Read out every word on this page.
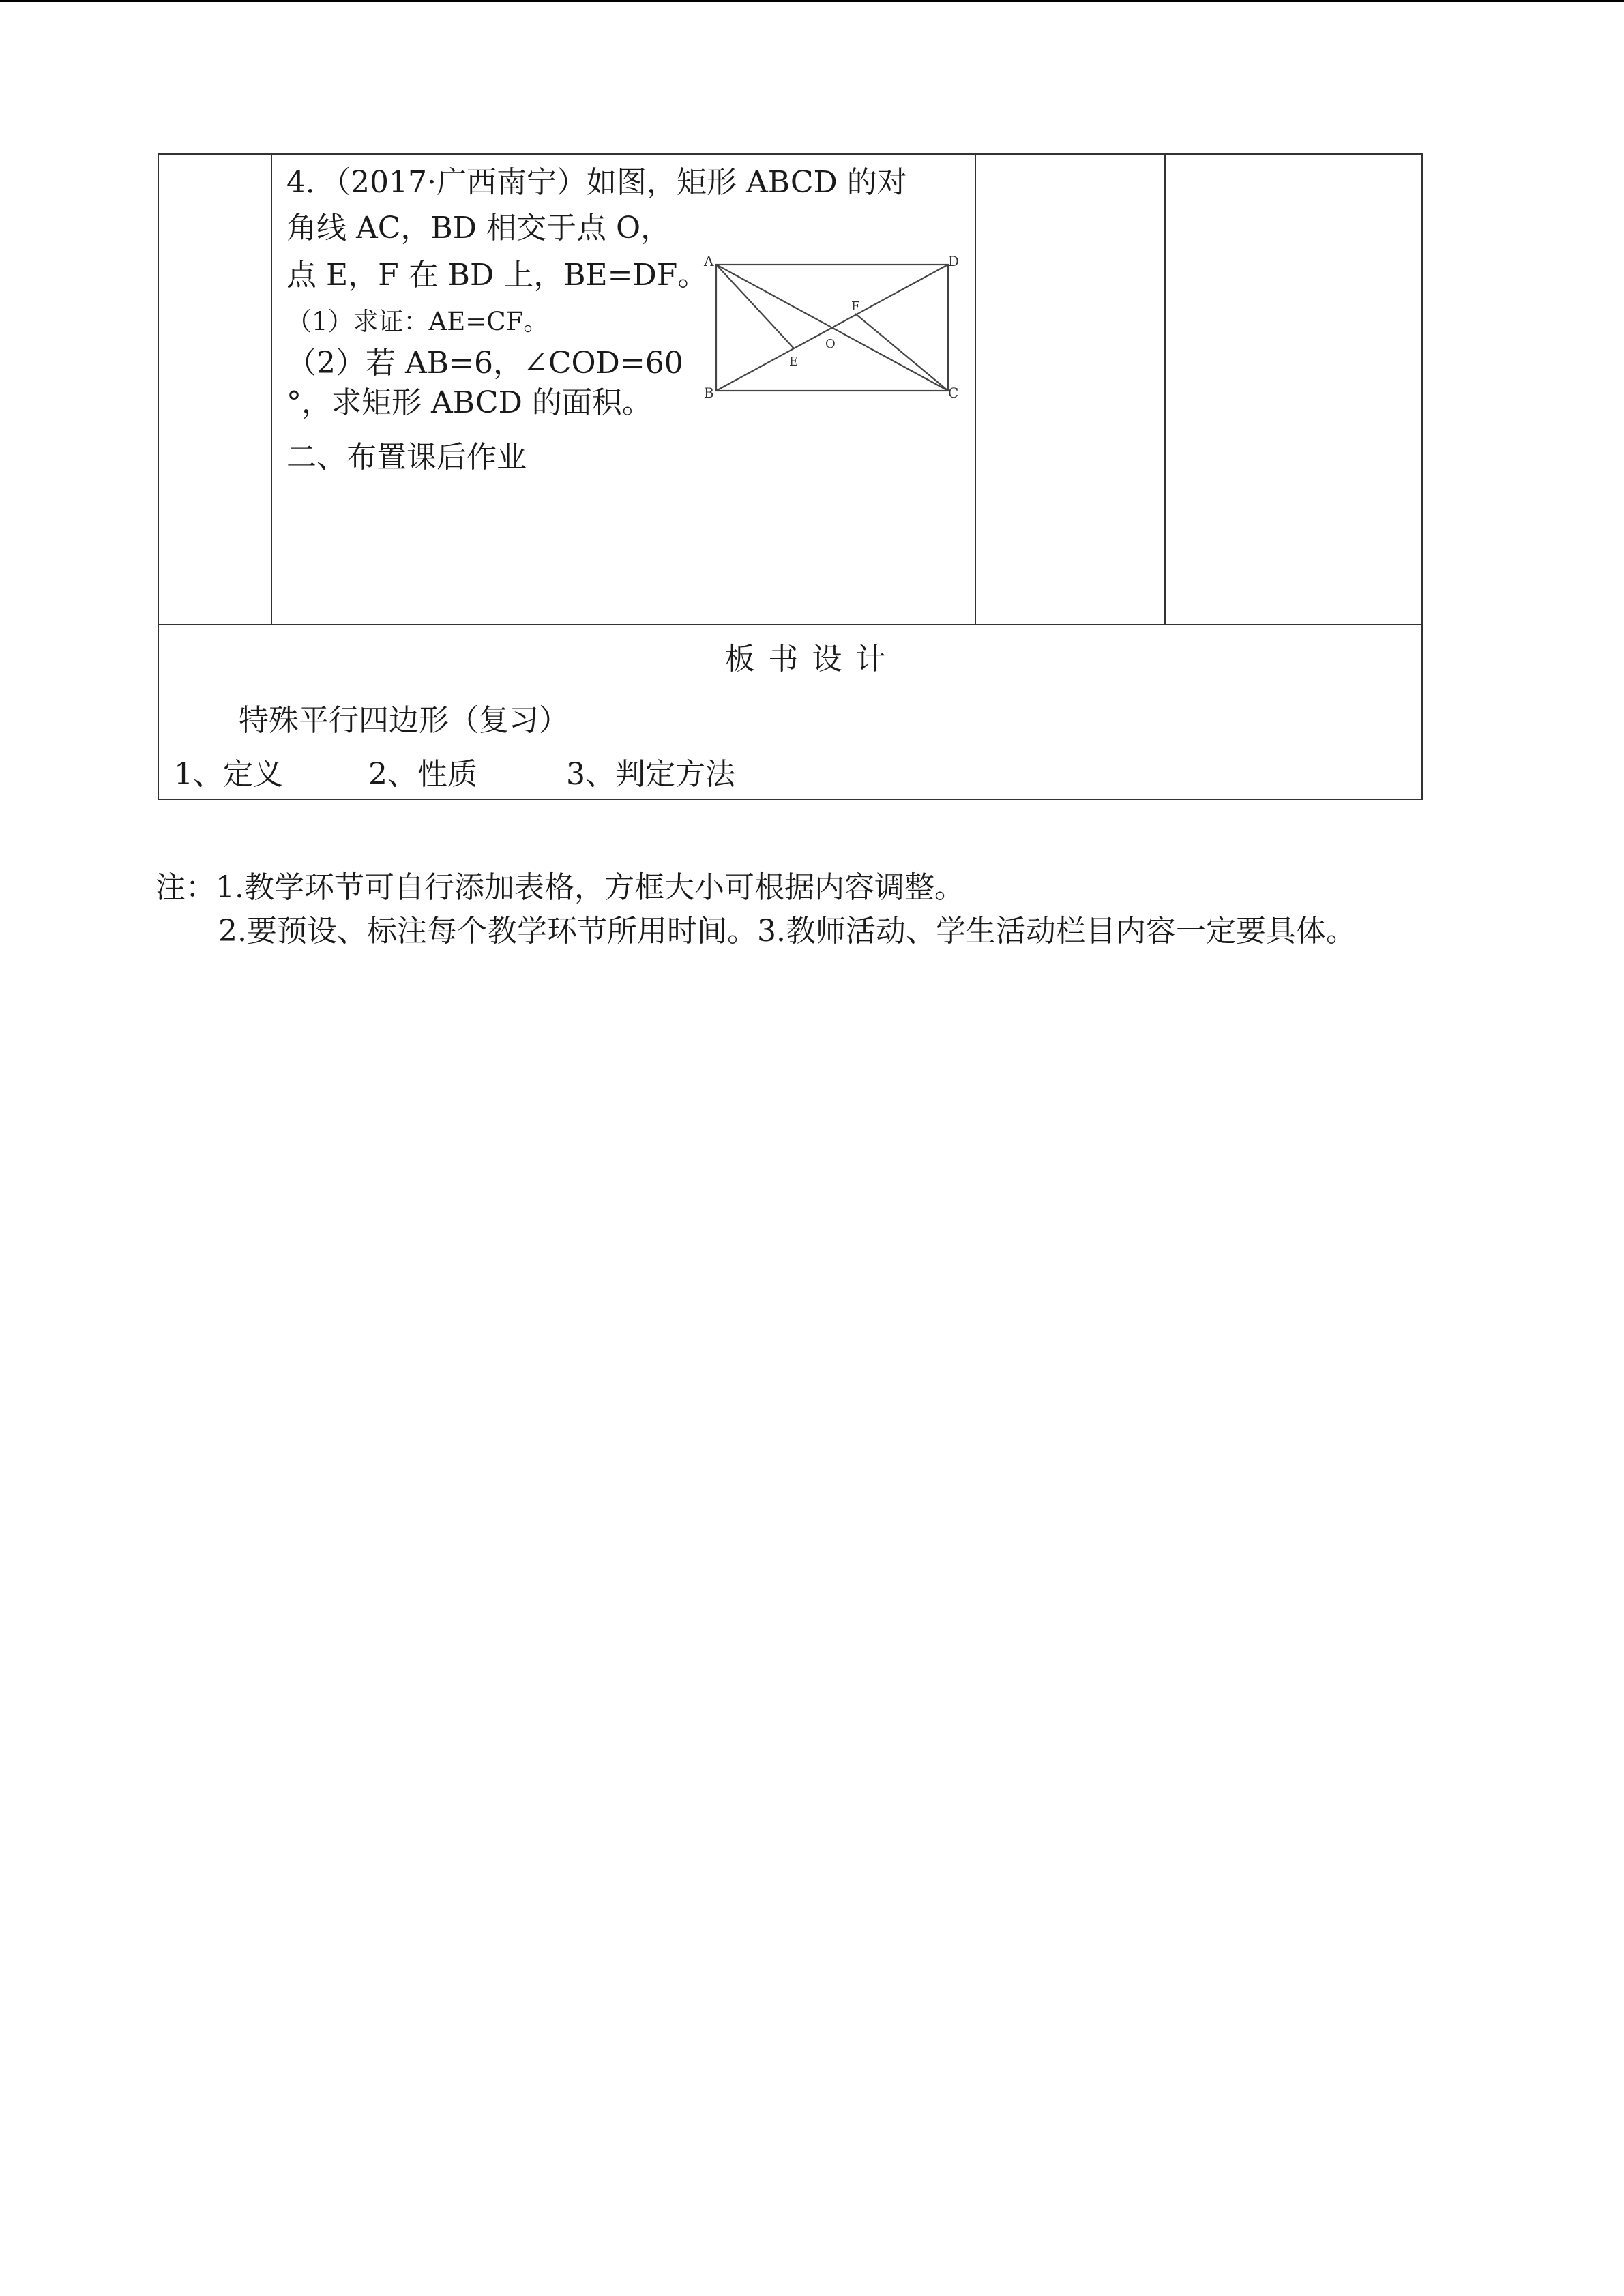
4．（2017·广西南宁）如图，矩形 ABCD 的对
角线 AC，BD 相交于点 O，
点 E，F 在 BD 上，BE=DF。
（1）求证：AE=CF。
（2）若 AB=6，∠COD=60
°，求矩形 ABCD 的面积。
二、布置课后作业
A
B	C
D
E
F
O
板书设计
特殊平行四边形（复习）
1、定义	2、性质	3、判定方法
注：1.教学环节可自行添加表格，方框大小可根据内容调整。
2.要预设、标注每个教学环节所用时间。3.教师活动、学生活动栏目内容一定要具体。
